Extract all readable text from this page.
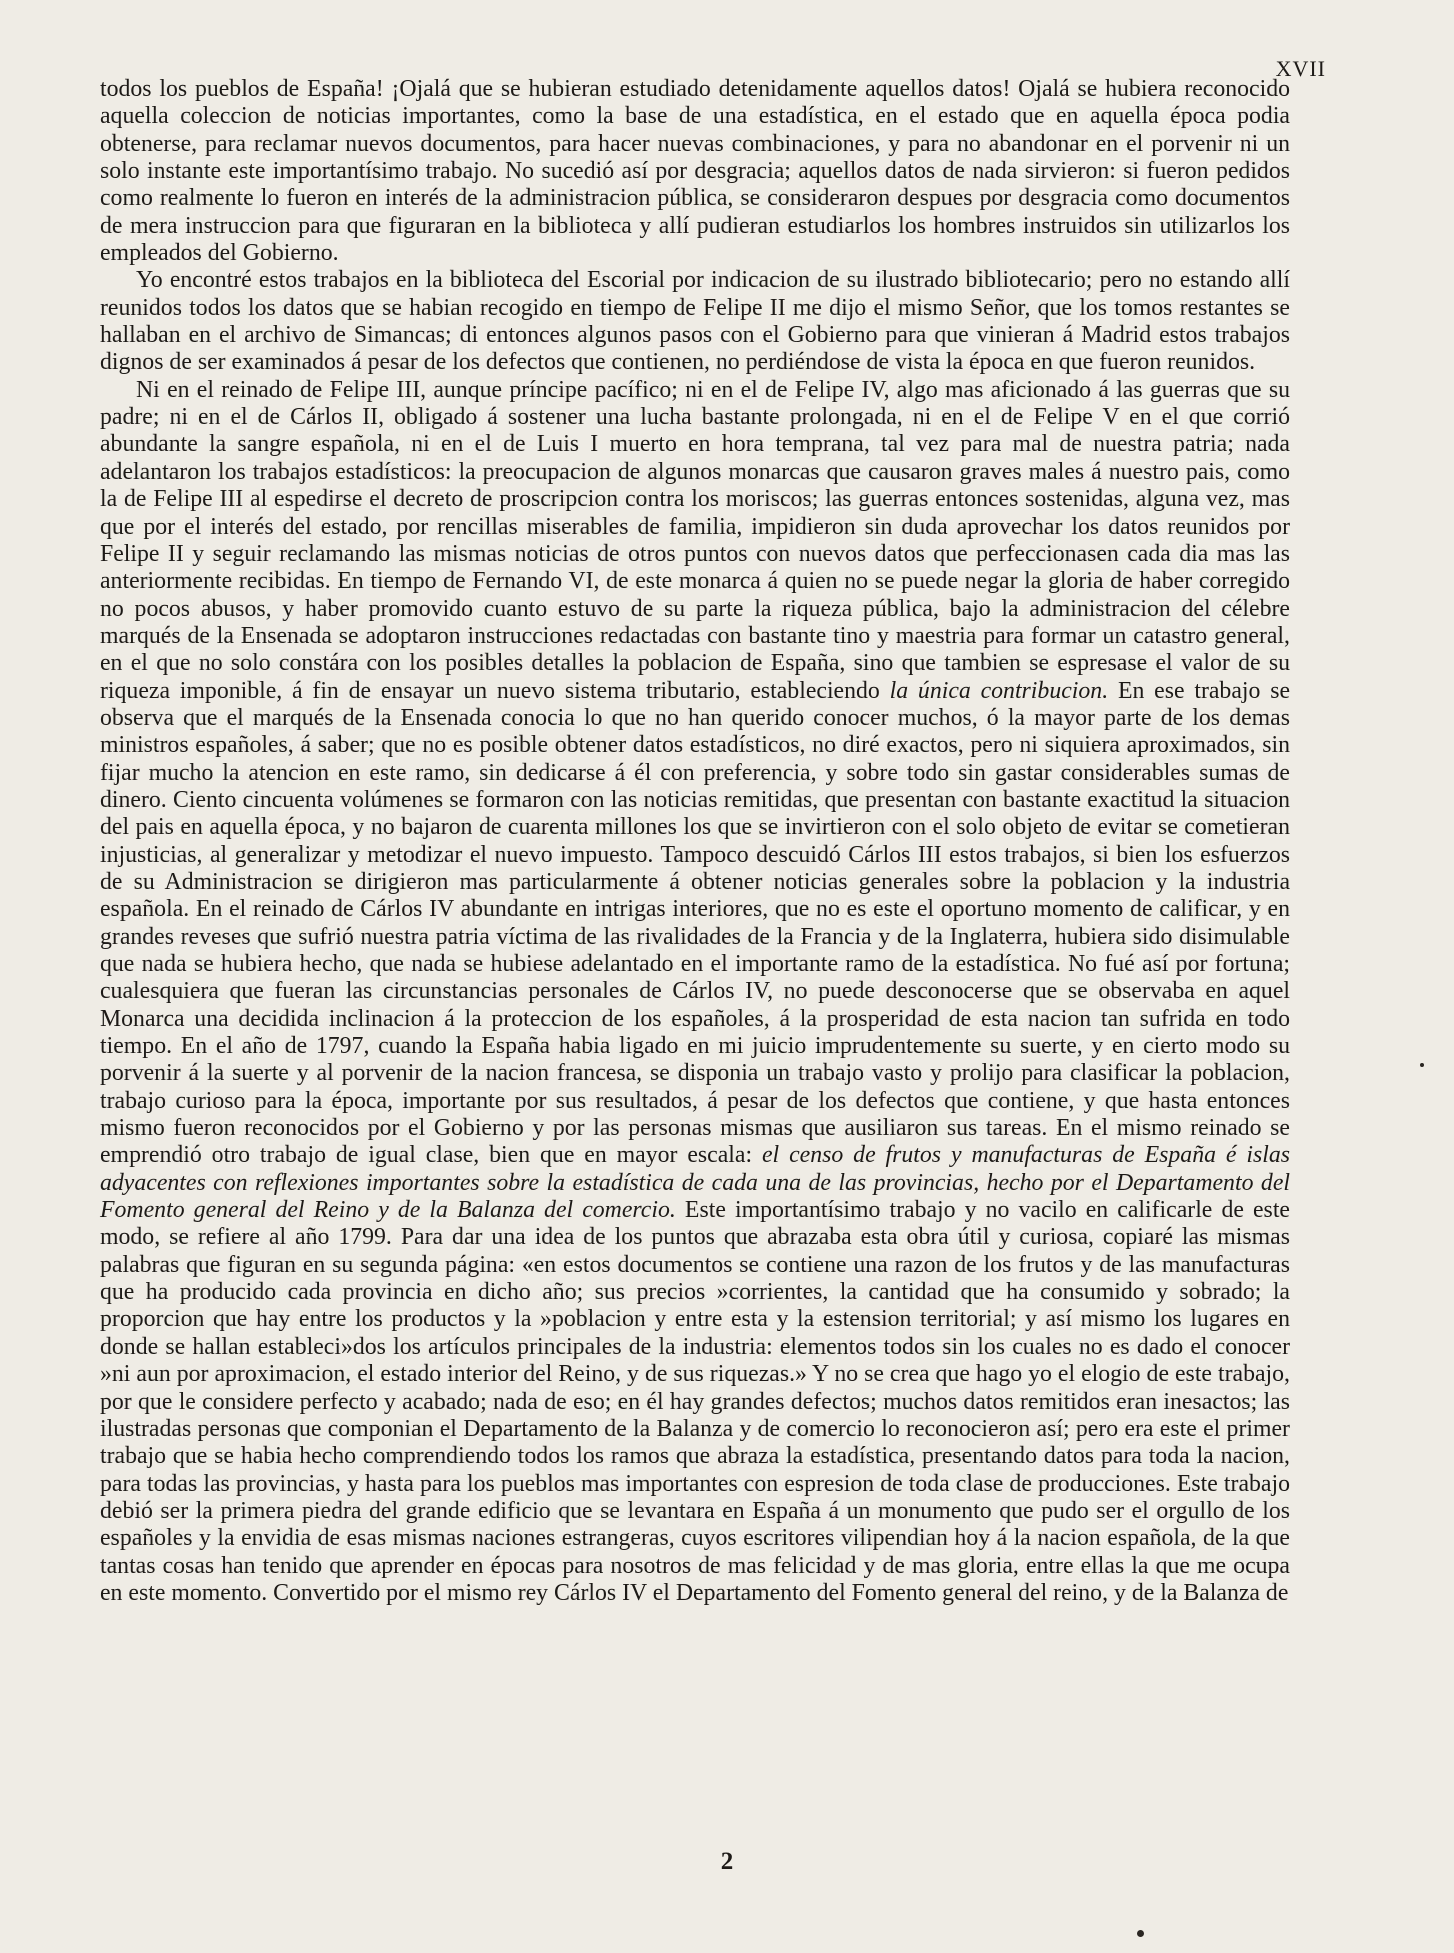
XVII

todos los pueblos de España! ¡Ojalá que se hubieran estudiado detenidamente aquellos datos! Ojalá se hubiera reconocido aquella coleccion de noticias importantes, como la base de una estadística, en el estado que en aquella época podia obtenerse, para reclamar nuevos documentos, para hacer nuevas combinaciones, y para no abandonar en el porvenir ni un solo instante este importantísimo trabajo. No sucedió así por desgracia; aquellos datos de nada sirvieron: si fueron pedidos como realmente lo fueron en interés de la administracion pública, se consideraron despues por desgracia como documentos de mera instruccion para que figuraran en la biblioteca y allí pudieran estudiarlos los hombres instruidos sin utilizarlos los empleados del Gobierno.

Yo encontré estos trabajos en la biblioteca del Escorial por indicacion de su ilustrado bibliotecario; pero no estando allí reunidos todos los datos que se habian recogido en tiempo de Felipe II me dijo el mismo Señor, que los tomos restantes se hallaban en el archivo de Simancas; di entonces algunos pasos con el Gobierno para que vinieran á Madrid estos trabajos dignos de ser examinados á pesar de los defectos que contienen, no perdiéndose de vista la época en que fueron reunidos.

Ni en el reinado de Felipe III, aunque príncipe pacífico; ni en el de Felipe IV, algo mas aficionado á las guerras que su padre; ni en el de Cárlos II, obligado á sostener una lucha bastante prolongada, ni en el de Felipe V en el que corrió abundante la sangre española, ni en el de Luis I muerto en hora temprana, tal vez para mal de nuestra patria; nada adelantaron los trabajos estadísticos: la preocupacion de algunos monarcas que causaron graves males á nuestro pais, como la de Felipe III al espedirse el decreto de proscripcion contra los moriscos; las guerras entonces sostenidas, alguna vez, mas que por el interés del estado, por rencillas miserables de familia, impidieron sin duda aprovechar los datos reunidos por Felipe II y seguir reclamando las mismas noticias de otros puntos con nuevos datos que perfeccionasen cada dia mas las anteriormente recibidas. En tiempo de Fernando VI, de este monarca á quien no se puede negar la gloria de haber corregido no pocos abusos, y haber promovido cuanto estuvo de su parte la riqueza pública, bajo la administracion del célebre marqués de la Ensenada se adoptaron instrucciones redactadas con bastante tino y maestria para formar un catastro general, en el que no solo constára con los posibles detalles la poblacion de España, sino que tambien se espresase el valor de su riqueza imponible, á fin de ensayar un nuevo sistema tributario, estableciendo la única contribucion. En ese trabajo se observa que el marqués de la Ensenada conocia lo que no han querido conocer muchos, ó la mayor parte de los demas ministros españoles, á saber; que no es posible obtener datos estadísticos, no diré exactos, pero ni siquiera aproximados, sin fijar mucho la atencion en este ramo, sin dedicarse á él con preferencia, y sobre todo sin gastar considerables sumas de dinero. Ciento cincuenta volúmenes se formaron con las noticias remitidas, que presentan con bastante exactitud la situacion del pais en aquella época, y no bajaron de cuarenta millones los que se invirtieron con el solo objeto de evitar se cometieran injusticias, al generalizar y metodizar el nuevo impuesto. Tampoco descuidó Cárlos III estos trabajos, si bien los esfuerzos de su Administracion se dirigieron mas particularmente á obtener noticias generales sobre la poblacion y la industria española. En el reinado de Cárlos IV abundante en intrigas interiores, que no es este el oportuno momento de calificar, y en grandes reveses que sufrió nuestra patria víctima de las rivalidades de la Francia y de la Inglaterra, hubiera sido disimulable que nada se hubiera hecho, que nada se hubiese adelantado en el importante ramo de la estadística. No fué así por fortuna; cualesquiera que fueran las circunstancias personales de Cárlos IV, no puede desconocerse que se observaba en aquel Monarca una decidida inclinacion á la proteccion de los españoles, á la prosperidad de esta nacion tan sufrida en todo tiempo. En el año de 1797, cuando la España habia ligado en mi juicio imprudentemente su suerte, y en cierto modo su porvenir á la suerte y al porvenir de la nacion francesa, se disponia un trabajo vasto y prolijo para clasificar la poblacion, trabajo curioso para la época, importante por sus resultados, á pesar de los defectos que contiene, y que hasta entonces mismo fueron reconocidos por el Gobierno y por las personas mismas que ausiliaron sus tareas. En el mismo reinado se emprendió otro trabajo de igual clase, bien que en mayor escala: el censo de frutos y manufacturas de España é islas adyacentes con reflexiones importantes sobre la estadística de cada una de las provincias, hecho por el Departamento del Fomento general del Reino y de la Balanza del comercio. Este importantísimo trabajo y no vacilo en calificarle de este modo, se refiere al año 1799. Para dar una idea de los puntos que abrazaba esta obra útil y curiosa, copiaré las mismas palabras que figuran en su segunda página: «en estos documentos se contiene una razon de los frutos y de las manufacturas que ha producido cada provincia en dicho año; sus precios »corrientes, la cantidad que ha consumido y sobrado; la proporcion que hay entre los productos y la »poblacion y entre esta y la estension territorial; y así mismo los lugares en donde se hallan estableci»dos los artículos principales de la industria: elementos todos sin los cuales no es dado el conocer »ni aun por aproximacion, el estado interior del Reino, y de sus riquezas.» Y no se crea que hago yo el elogio de este trabajo, por que le considere perfecto y acabado; nada de eso; en él hay grandes defectos; muchos datos remitidos eran inesactos; las ilustradas personas que componian el Departamento de la Balanza y de comercio lo reconocieron así; pero era este el primer trabajo que se habia hecho comprendiendo todos los ramos que abraza la estadística, presentando datos para toda la nacion, para todas las provincias, y hasta para los pueblos mas importantes con espresion de toda clase de producciones. Este trabajo debió ser la primera piedra del grande edificio que se levantara en España á un monumento que pudo ser el orgullo de los españoles y la envidia de esas mismas naciones estrangeras, cuyos escritores vilipendian hoy á la nacion española, de la que tantas cosas han tenido que aprender en épocas para nosotros de mas felicidad y de mas gloria, entre ellas la que me ocupa en este momento. Convertido por el mismo rey Cárlos IV el Departamento del Fomento general del reino, y de la Balanza de

2
